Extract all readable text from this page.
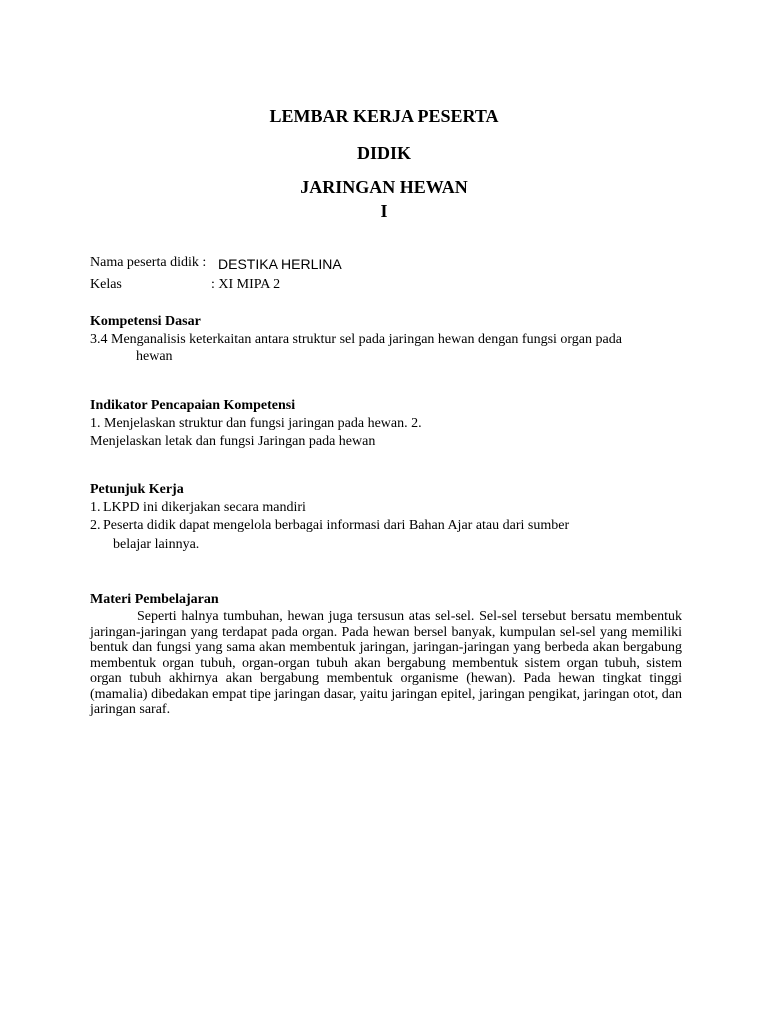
LEMBAR KERJA PESERTA
DIDIK
JARINGAN HEWAN
I
Nama peserta didik : DESTIKA HERLINA
Kelas	: XI MIPA 2
Kompetensi Dasar
3.4 Menganalisis keterkaitan antara struktur sel pada jaringan hewan dengan fungsi organ pada
hewan
Indikator Pencapaian Kompetensi
1. Menjelaskan struktur dan fungsi jaringan pada hewan. 2.
Menjelaskan letak dan fungsi Jaringan pada hewan
Petunjuk Kerja
1. LKPD ini dikerjakan secara mandiri
2. Peserta didik dapat mengelola berbagai informasi dari Bahan Ajar atau dari sumber
belajar lainnya.
Materi Pembelajaran
Seperti halnya tumbuhan, hewan juga tersusun atas sel-sel. Sel-sel tersebut bersatu membentuk jaringan-jaringan yang terdapat pada organ. Pada hewan bersel banyak, kumpulan sel-sel yang memiliki bentuk dan fungsi yang sama akan membentuk jaringan, jaringan-jaringan yang berbeda akan bergabung membentuk organ tubuh, organ-organ tubuh akan bergabung membentuk sistem organ tubuh, sistem organ tubuh akhirnya akan bergabung membentuk organisme (hewan). Pada hewan tingkat tinggi (mamalia) dibedakan empat tipe jaringan dasar, yaitu jaringan epitel, jaringan pengikat, jaringan otot, dan jaringan saraf.
